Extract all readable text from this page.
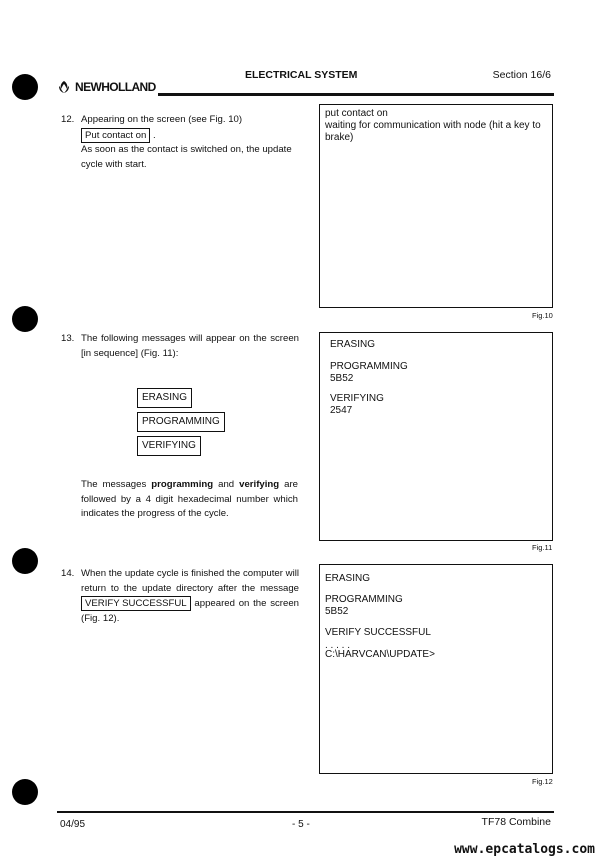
NEWHOLLAND
ELECTRICAL SYSTEM	Section 16/6
12. Appearing on the screen (see Fig. 10)
Put contact on .
As soon as the contact is switched on, the update cycle with start.
13. The following messages will appear on the screen [in sequence] (Fig. 11):
ERASING
PROGRAMMING
VERIFYING
The messages programming and verifying are followed by a 4 digit hexadecimal number which indicates the progress of the cycle.
14. When the update cycle is finished the computer will return to the update directory after the message VERIFY SUCCESSFUL appeared on the screen (Fig. 12).
put contact on
waiting for communication with node (hit a key to brake)
Fig.10
ERASING
PROGRAMMING
5B52
VERIFYING
2547
Fig.11
ERASING
PROGRAMMING
5B52
VERIFY SUCCESSFUL
. . . . .
C:\HARVCAN\UPDATE>
Fig.12
04/95	- 5 -	TF78 Combine
www.epcatalogs.com
